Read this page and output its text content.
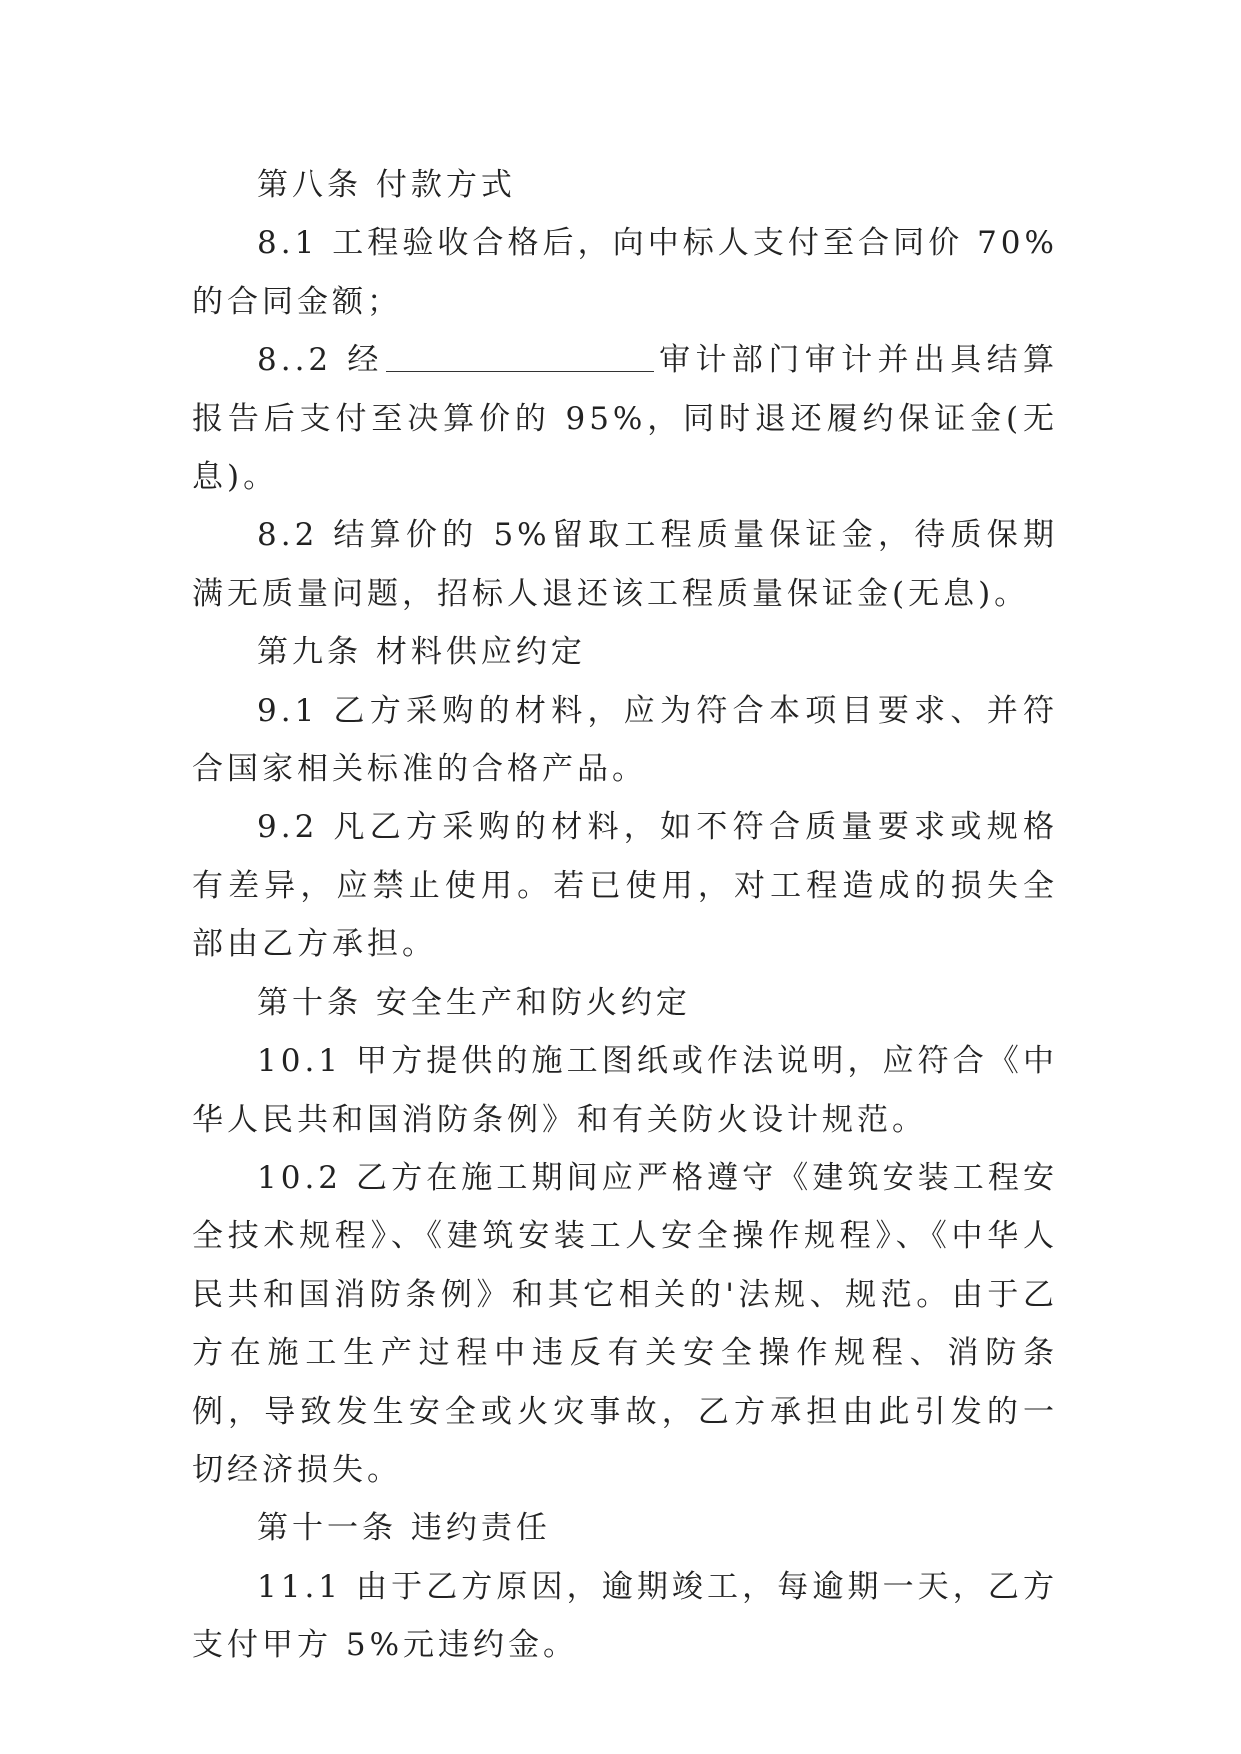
第八条 付款方式

8.1 工程验收合格后，向中标人支付至合同价 70%的合同金额；

8..2 经	审计部门审计并出具结算报告后支付至决算价的 95%，同时退还履约保证金(无息)。

8.2 结算价的 5%留取工程质量保证金，待质保期满无质量问题，招标人退还该工程质量保证金(无息)。

第九条 材料供应约定

9.1 乙方采购的材料，应为符合本项目要求、并符合国家相关标准的合格产品。

9.2 凡乙方采购的材料，如不符合质量要求或规格有差异，应禁止使用。若已使用，对工程造成的损失全部由乙方承担。

第十条 安全生产和防火约定

10.1 甲方提供的施工图纸或作法说明，应符合《中华人民共和国消防条例》和有关防火设计规范。

10.2 乙方在施工期间应严格遵守《建筑安装工程安全技术规程》、《建筑安装工人安全操作规程》、《中华人民共和国消防条例》和其它相关的'法规、规范。由于乙方在施工生产过程中违反有关安全操作规程、消防条例，导致发生安全或火灾事故，乙方承担由此引发的一切经济损失。

第十一条 违约责任

11.1 由于乙方原因，逾期竣工，每逾期一天，乙方支付甲方 5%元违约金。
